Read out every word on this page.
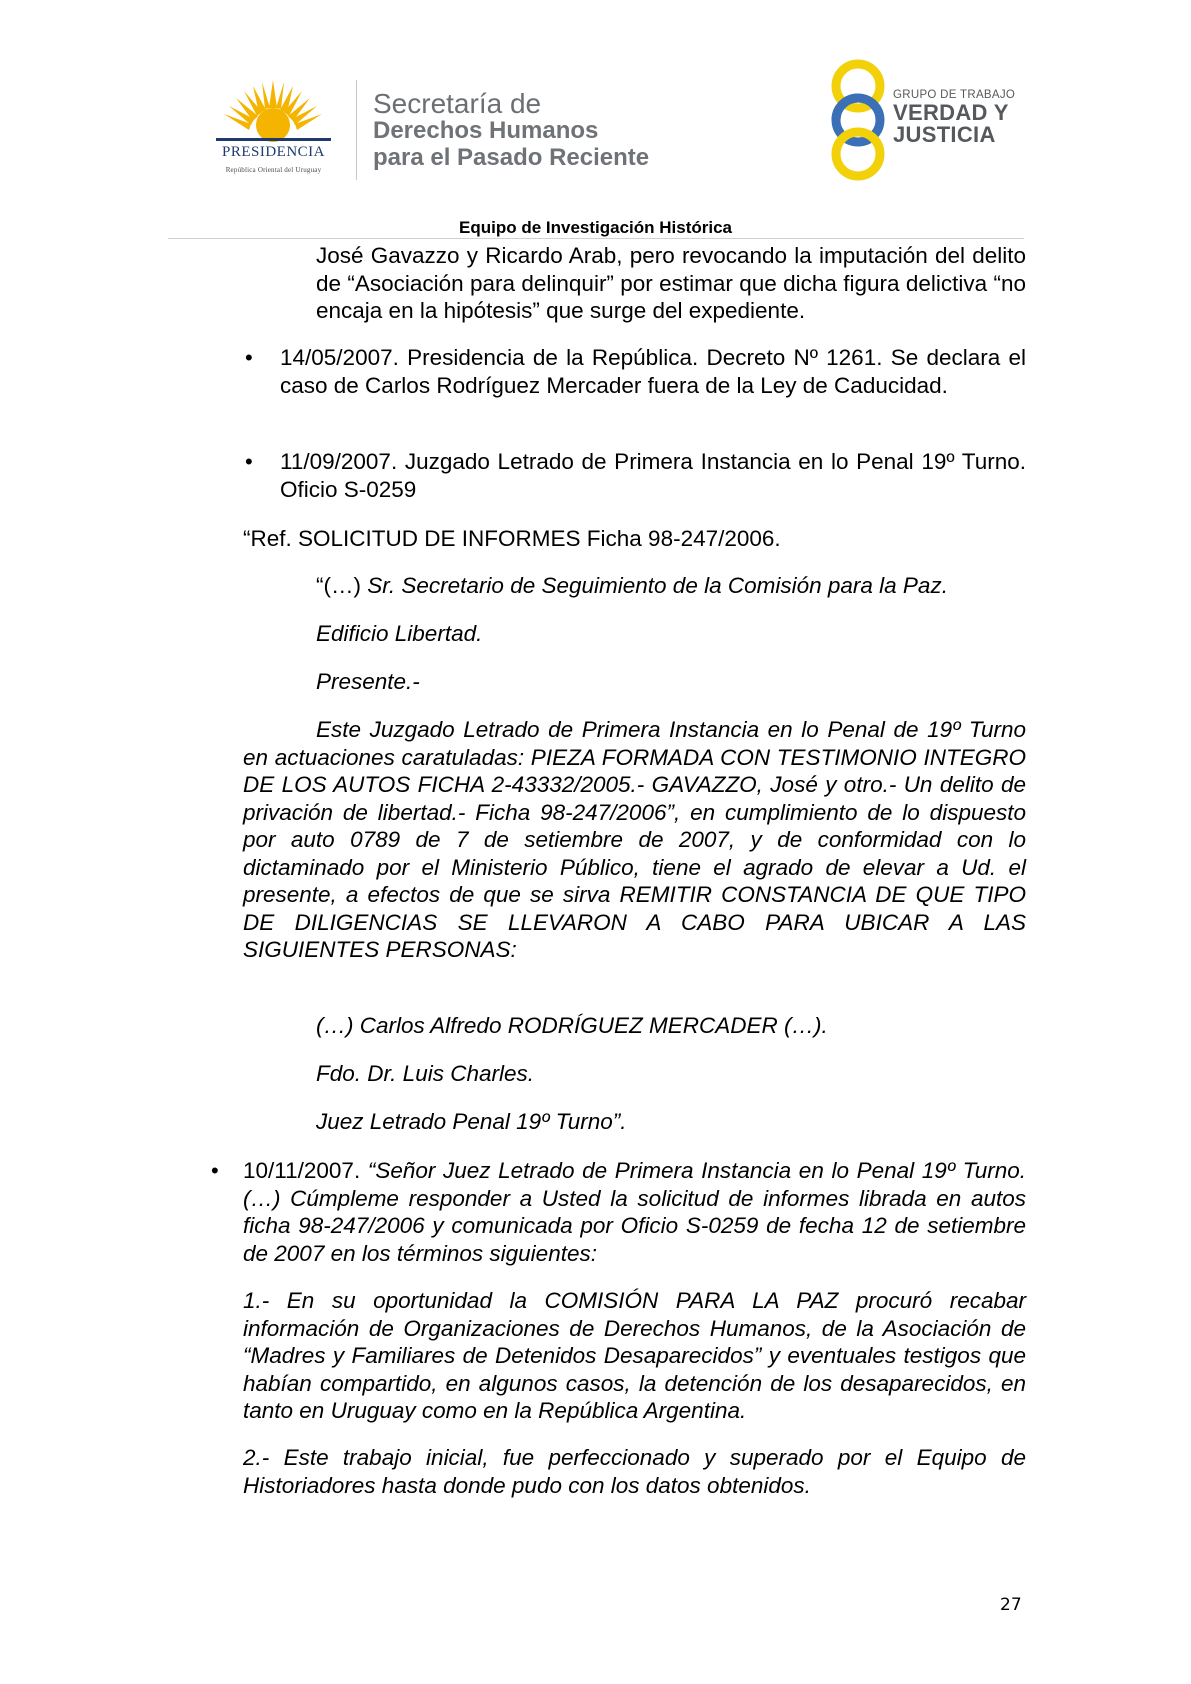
PRESIDENCIA
República Oriental del Uruguay
Secretaría de
Derechos Humanos
para el Pasado Reciente
GRUPO DE TRABAJO
VERDAD Y
JUSTICIA
Equipo de Investigación Histórica

José Gavazzo y Ricardo Arab, pero revocando la imputación del delito de “Asociación para delinquir” por estimar que dicha figura delictiva “no encaja en la hipótesis” que surge del expediente.

• 14/05/2007. Presidencia de la República. Decreto Nº 1261. Se declara el caso de Carlos Rodríguez Mercader fuera de la Ley de Caducidad.

• 11/09/2007. Juzgado Letrado de Primera Instancia en lo Penal 19º Turno. Oficio S-0259

“Ref. SOLICITUD DE INFORMES Ficha 98-247/2006.

“(…) Sr. Secretario de Seguimiento de la Comisión para la Paz.

Edificio Libertad.

Presente.-

Este Juzgado Letrado de Primera Instancia en lo Penal de 19º Turno en actuaciones caratuladas: PIEZA FORMADA CON TESTIMONIO INTEGRO DE LOS AUTOS FICHA 2-43332/2005.- GAVAZZO, José y otro.- Un delito de privación de libertad.- Ficha 98-247/2006”, en cumplimiento de lo dispuesto por auto 0789 de 7 de setiembre de 2007, y de conformidad con lo dictaminado por el Ministerio Público, tiene el agrado de elevar a Ud. el presente, a efectos de que se sirva REMITIR CONSTANCIA DE QUE TIPO DE DILIGENCIAS SE LLEVARON A CABO PARA UBICAR A LAS SIGUIENTES PERSONAS:

(…) Carlos Alfredo RODRÍGUEZ MERCADER (…).

Fdo. Dr. Luis Charles.

Juez Letrado Penal 19º Turno”.

• 10/11/2007. “Señor Juez Letrado de Primera Instancia en lo Penal 19º Turno. (…) Cúmpleme responder a Usted la solicitud de informes librada en autos ficha 98-247/2006 y comunicada por Oficio S-0259 de fecha 12 de setiembre de 2007 en los términos siguientes:

1.- En su oportunidad la COMISIÓN PARA LA PAZ procuró recabar información de Organizaciones de Derechos Humanos, de la Asociación de “Madres y Familiares de Detenidos Desaparecidos” y eventuales testigos que habían compartido, en algunos casos, la detención de los desaparecidos, en tanto en Uruguay como en la República Argentina.

2.- Este trabajo inicial, fue perfeccionado y superado por el Equipo de Historiadores hasta donde pudo con los datos obtenidos.

27
